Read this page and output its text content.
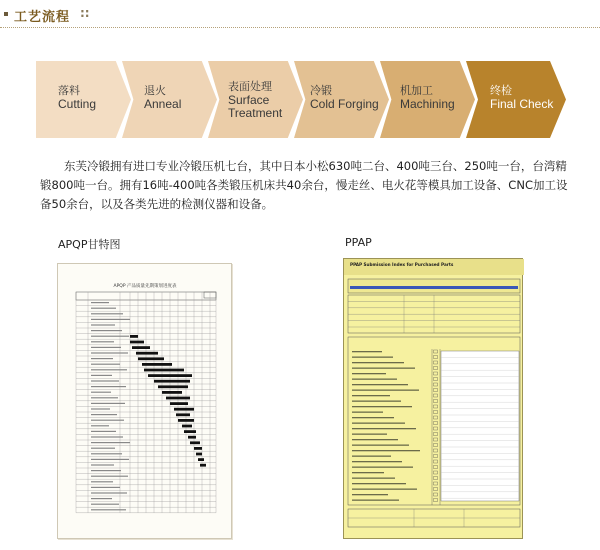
工艺流程 ::
落料
Cutting
退火
Anneal
表面处理
Surface Treatment
冷锻
Cold Forging
机加工
Machining
终检
Final Check
东芙冷锻拥有进口专业冷锻压机七台，其中日本小松630吨二台、400吨三台、250吨一台，台湾精锻800吨一台。拥有16吨-400吨各类锻压机床共40余台，慢走丝、电火花等模具加工设备、CNC加工设备50余台，以及各类先进的检测仪器和设备。
APQP甘特图	PPAP
APQP 产品质量先期策划进度表
PPAP Submission Index for Purchased Parts
